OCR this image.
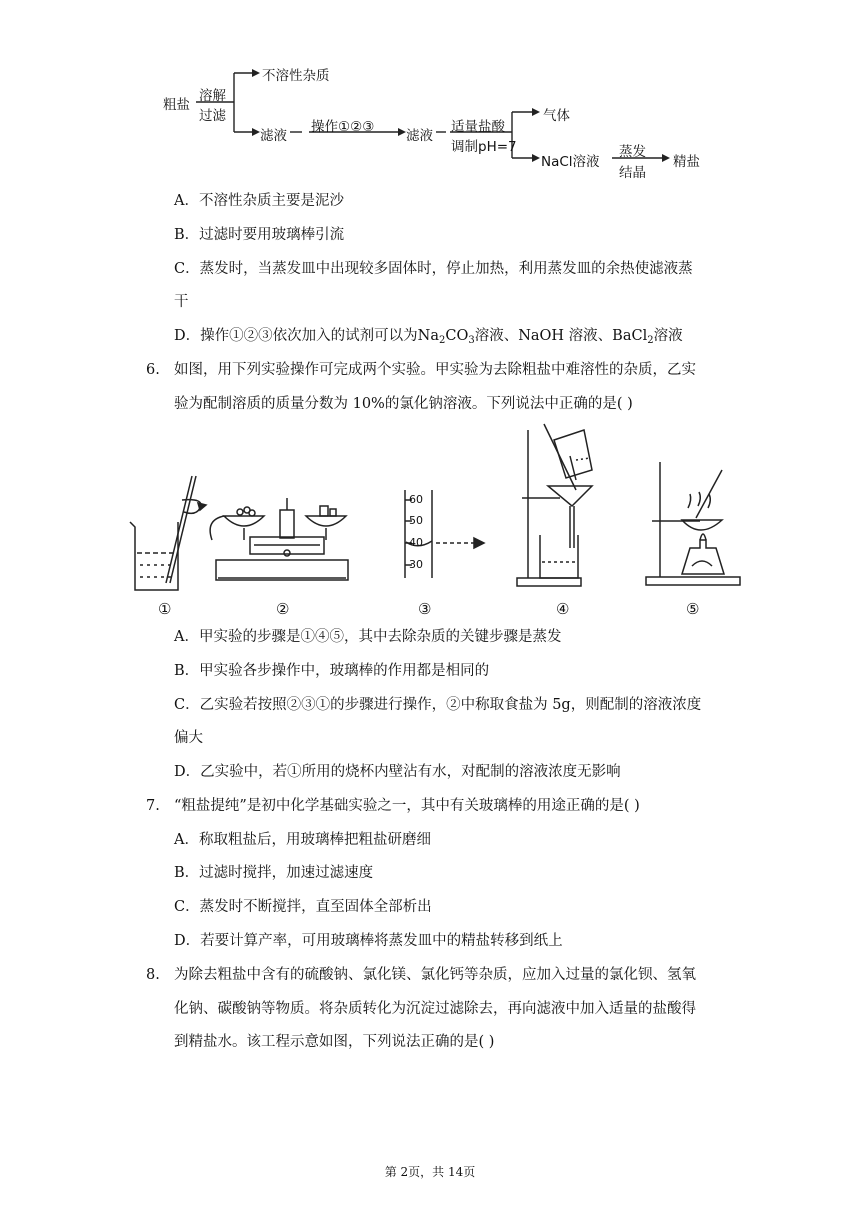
粗盐
溶解
过滤
不溶性杂质
滤液
操作①②③
滤液
适量盐酸
调制pH=7
气体
NaCl溶液
蒸发
结晶
精盐
A．不溶性杂质主要是泥沙
B．过滤时要用玻璃棒引流
C．蒸发时，当蒸发皿中出现较多固体时，停止加热，利用蒸发皿的余热使滤液蒸
干
D．操作①②③依次加入的试剂可以为$Na_2CO_3$溶液、NaOH 溶液、BaCl$_2$溶液
6. 如图，用下列实验操作可完成两个实验。甲实验为去除粗盐中难溶性的杂质，乙实
验为配制溶质的质量分数为 10%的氯化钠溶液。下列说法中正确的是( )
60
50
40
30
①	②	③	④	⑤
A．甲实验的步骤是①④⑤，其中去除杂质的关键步骤是蒸发
B．甲实验各步操作中，玻璃棒的作用都是相同的
C．乙实验若按照②③①的步骤进行操作，②中称取食盐为 5g，则配制的溶液浓度
偏大
D．乙实验中，若①所用的烧杯内壁沾有水，对配制的溶液浓度无影响
7. “粗盐提纯”是初中化学基础实验之一，其中有关玻璃棒的用途正确的是( )
A．称取粗盐后，用玻璃棒把粗盐研磨细
B．过滤时搅拌，加速过滤速度
C．蒸发时不断搅拌，直至固体全部析出
D．若要计算产率，可用玻璃棒将蒸发皿中的精盐转移到纸上
8. 为除去粗盐中含有的硫酸钠、氯化镁、氯化钙等杂质，应加入过量的氯化钡、氢氧
化钠、碳酸钠等物质。将杂质转化为沉淀过滤除去，再向滤液中加入适量的盐酸得
到精盐水。该工程示意如图，下列说法正确的是( )
第 2页，共 14页
